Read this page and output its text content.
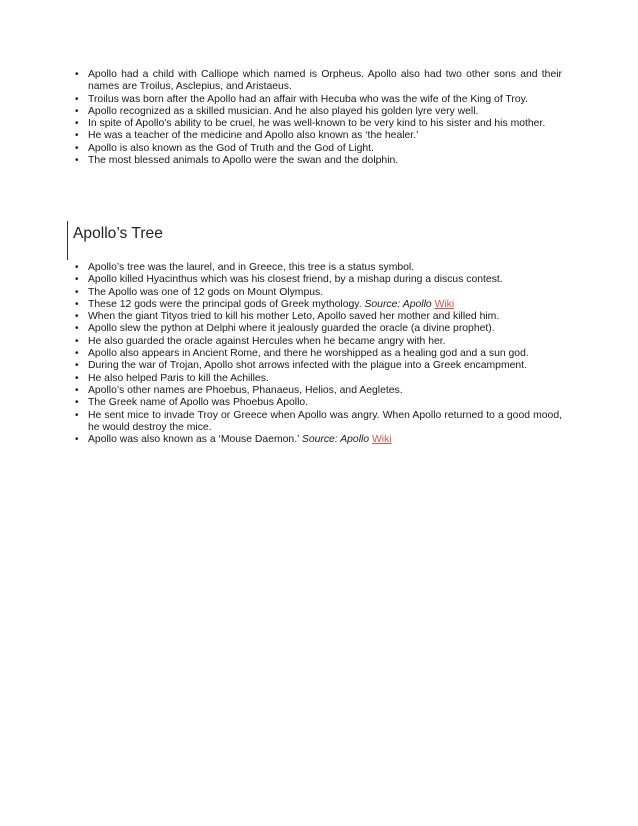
• Apollo had a child with Calliope which named is Orpheus. Apollo also had two other sons and their names are Troilus, Asclepius, and Aristaeus.
• Troilus was born after the Apollo had an affair with Hecuba who was the wife of the King of Troy.
• Apollo recognized as a skilled musician. And he also played his golden lyre very well.
• In spite of Apollo’s ability to be cruel, he was well-known to be very kind to his sister and his mother.
• He was a teacher of the medicine and Apollo also known as ‘the healer.’
• Apollo is also known as the God of Truth and the God of Light.
• The most blessed animals to Apollo were the swan and the dolphin.
Apollo’s Tree
• Apollo’s tree was the laurel, and in Greece, this tree is a status symbol.
• Apollo killed Hyacinthus which was his closest friend, by a mishap during a discus contest.
• The Apollo was one of 12 gods on Mount Olympus.
• These 12 gods were the principal gods of Greek mythology. Source: Apollo Wiki
• When the giant Tityos tried to kill his mother Leto, Apollo saved her mother and killed him.
• Apollo slew the python at Delphi where it jealously guarded the oracle (a divine prophet).
• He also guarded the oracle against Hercules when he became angry with her.
• Apollo also appears in Ancient Rome, and there he worshipped as a healing god and a sun god.
• During the war of Trojan, Apollo shot arrows infected with the plague into a Greek encampment.
• He also helped Paris to kill the Achilles.
• Apollo’s other names are Phoebus, Phanaeus, Helios, and Aegletes.
• The Greek name of Apollo was Phoebus Apollo.
• He sent mice to invade Troy or Greece when Apollo was angry. When Apollo returned to a good mood, he would destroy the mice.
• Apollo was also known as a ‘Mouse Daemon.’ Source: Apollo Wiki
